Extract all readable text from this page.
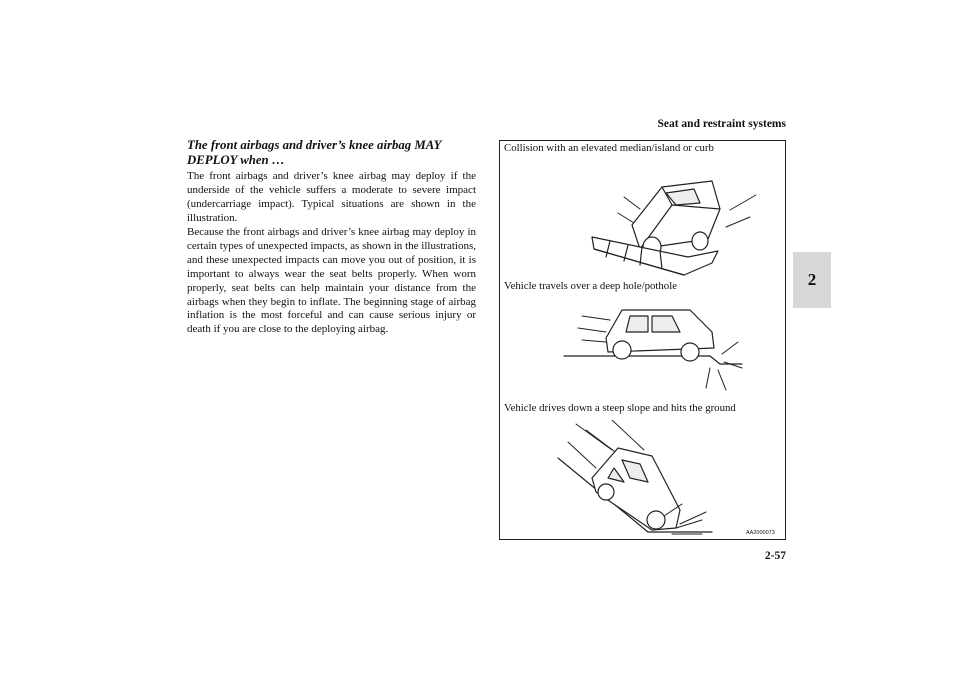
Seat and restraint systems
2
The front airbags and driver’s knee airbag MAY DEPLOY when …
The front airbags and driver’s knee airbag may deploy if the underside of the vehicle suffers a moderate to severe impact (undercarriage impact). Typical situations are shown in the illustration.
Because the front airbags and driver’s knee airbag may deploy in certain types of unexpected impacts, as shown in the illustrations, and these unexpected impacts can move you out of position, it is important to always wear the seat belts properly. When worn properly, seat belts can help maintain your distance from the airbags when they begin to inflate. The beginning stage of airbag inflation is the most forceful and can cause serious injury or death if you are close to the deploying airbag.
Collision with an elevated median/island or curb
Vehicle travels over a deep hole/pothole
Vehicle drives down a steep slope and hits the ground
AA2000073
2-57
